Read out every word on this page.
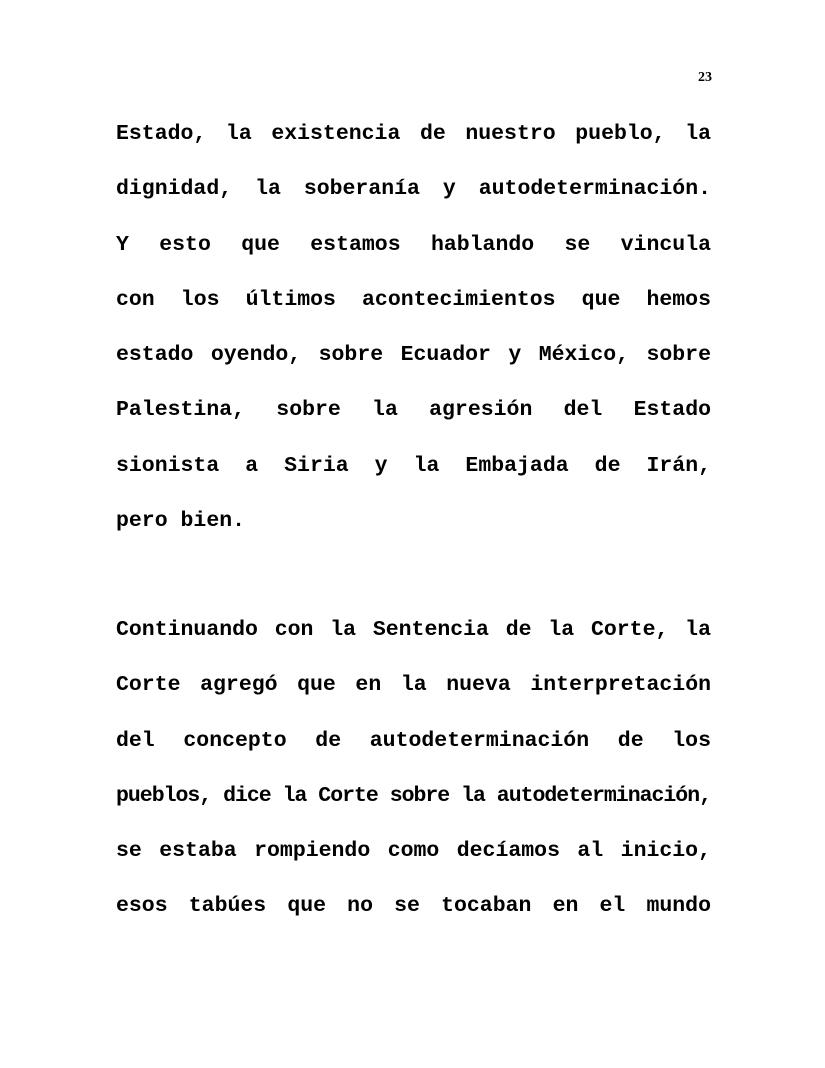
23
Estado, la existencia de nuestro pueblo, la
dignidad, la soberanía y autodeterminación.
Y esto que estamos hablando se vincula
con los últimos acontecimientos que hemos
estado oyendo, sobre Ecuador y México, sobre
Palestina, sobre la agresión del Estado
sionista a Siria y la Embajada de Irán,
pero bien.
Continuando con la Sentencia de la Corte, la
Corte agregó que en la nueva interpretación
del concepto de autodeterminación de los
pueblos, dice la Corte sobre la autodeterminación,
se estaba rompiendo como decíamos al inicio,
esos tabúes que no se tocaban en el mundo
